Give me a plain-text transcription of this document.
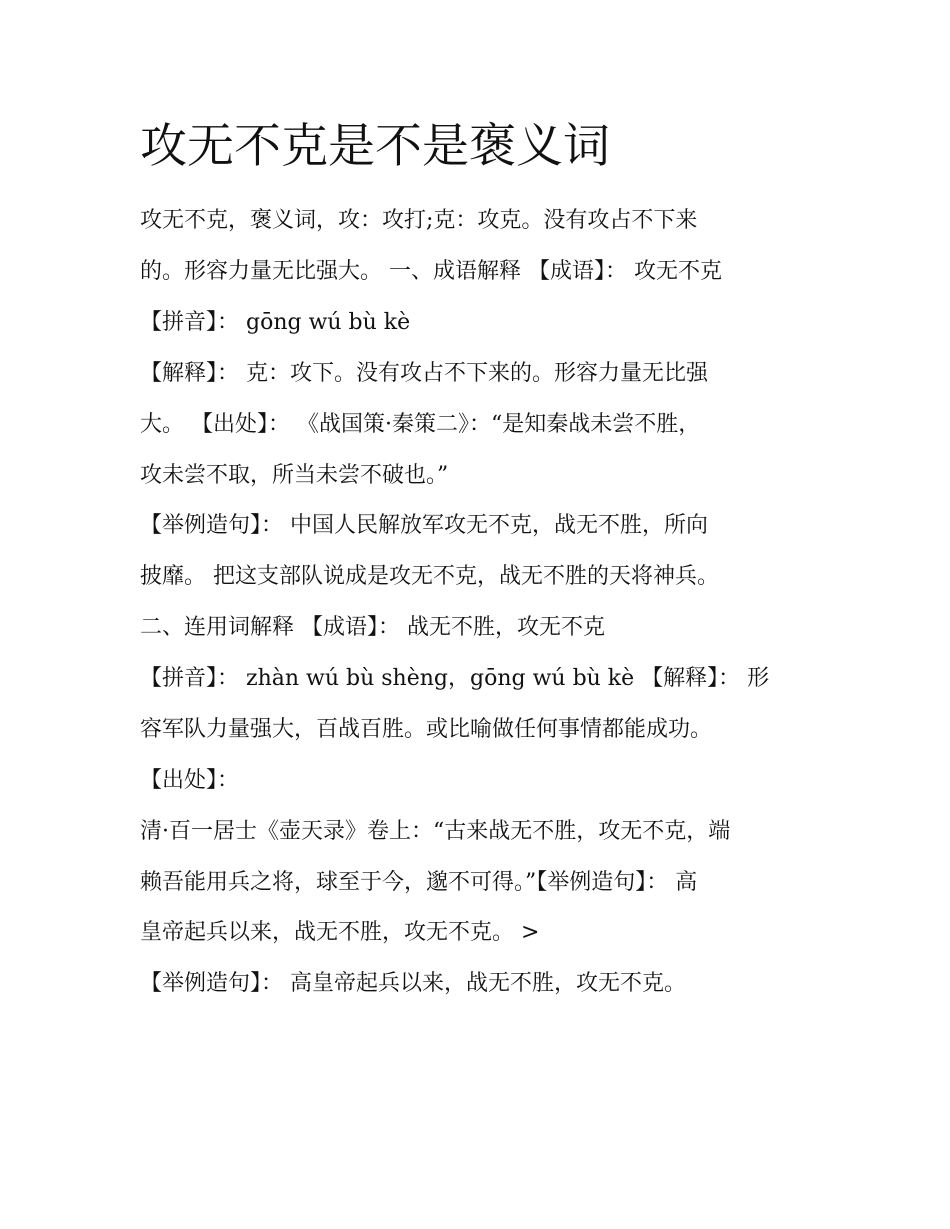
攻无不克是不是褒义词

攻无不克，褒义词，攻：攻打;克：攻克。没有攻占不下来

的。形容力量无比强大。 一、成语解释 【成语】： 攻无不克

【拼音】： gōng wú bù kè

【解释】： 克：攻下。没有攻占不下来的。形容力量无比强

大。 【出处】： 《战国策·秦策二》：“是知秦战未尝不胜，

攻未尝不取，所当未尝不破也。”

【举例造句】： 中国人民解放军攻无不克，战无不胜，所向

披靡。 把这支部队说成是攻无不克，战无不胜的天将神兵。

二、连用词解释 【成语】： 战无不胜，攻无不克

【拼音】： zhàn wú bù shèng，gōng wú bù kè 【解释】： 形

容军队力量强大，百战百胜。或比喻做任何事情都能成功。

【出处】：

清·百一居士《壶天录》卷上：“古来战无不胜，攻无不克，端

赖吾能用兵之将，球至于今，邈不可得。”【举例造句】： 高

皇帝起兵以来，战无不胜，攻无不克。 >

【举例造句】： 高皇帝起兵以来，战无不胜，攻无不克。
